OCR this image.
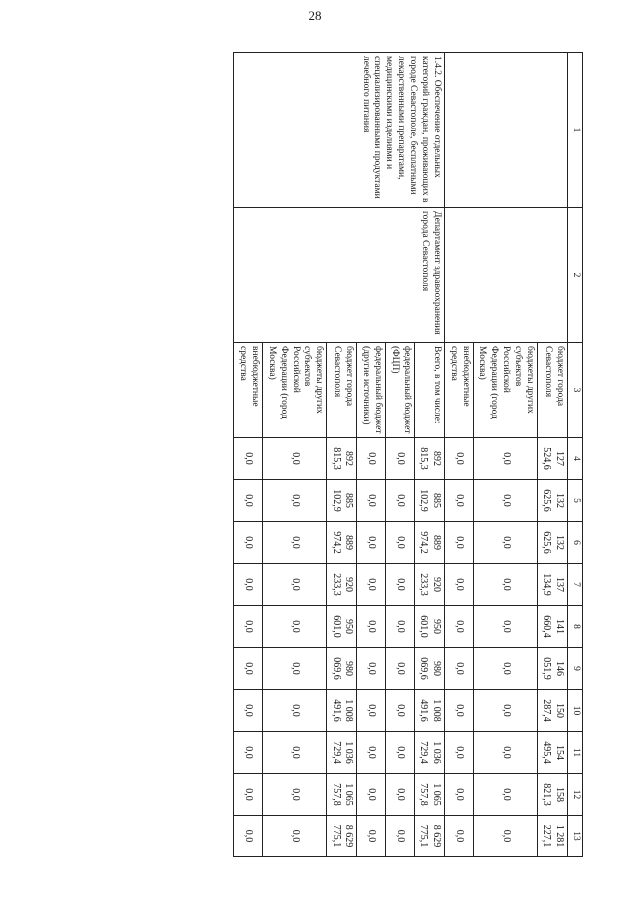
28
1	2	3	4	5	6	7	8	9	10	11	12	13
		бюджет города Севастополя	127 524,6	132 625,6	132 625,6	137 134,9	141 660,4	146 051,9	150 287,4	154 495,4	158 821,3	1 281 227,1
		бюджеты других субъектов Российской Федерации (город Москва)	0,0	0,0	0,0	0,0	0,0	0,0	0,0	0,0	0,0	0,0
		внебюджетные средства	0,0	0,0	0,0	0,0	0,0	0,0	0,0	0,0	0,0	0,0
1.4.2. Обеспечение отдельных категорий граждан, проживающих в городе Севастополе, бесплатными лекарственными препаратами, медицинскими изделиями и специализированными продуктами лечебного питания	Департамент здравоохранения города Севастополя	Всего, в том числе:	892 815,3	885 102,9	889 974,2	920 233,3	950 601,0	980 069,6	1 008 491,6	1 036 729,4	1 065 757,8	8 629 775,1
		федеральный бюджет (ФЦП)	0,0	0,0	0,0	0,0	0,0	0,0	0,0	0,0	0,0	0,0
		федеральный бюджет (другие источники)	0,0	0,0	0,0	0,0	0,0	0,0	0,0	0,0	0,0	0,0
		бюджет города Севастополя	892 815,3	885 102,9	889 974,2	920 233,3	950 601,0	980 069,6	1 008 491,6	1 036 729,4	1 065 757,8	8 629 775,1
		бюджеты других субъектов Российской Федерации (город Москва)	0,0	0,0	0,0	0,0	0,0	0,0	0,0	0,0	0,0	0,0
		внебюджетные средства	0,0	0,0	0,0	0,0	0,0	0,0	0,0	0,0	0,0	0,0
